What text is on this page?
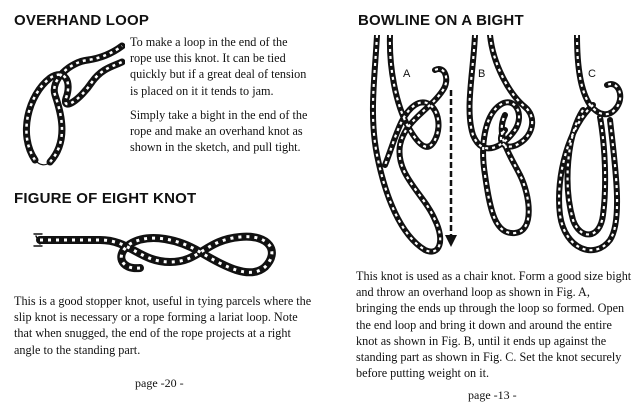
OVERHAND LOOP

To make a loop in the end of the rope use this knot. It can be tied quickly but if a great deal of tension is placed on it it tends to jam.

Simply take a bight in the end of the rope and make an overhand knot as shown in the sketch, and pull tight.

FIGURE OF EIGHT KNOT

This is a good stopper knot, useful in tying parcels where the slip knot is necessary or a rope forming a lariat loop. Note that when snugged, the end of the rope projects at a right angle to the standing part.

page -20 -
BOWLINE ON A BIGHT
A	B	C

This knot is used as a chair knot. Form a good size bight and throw an overhand loop as shown in Fig. A, bringing the ends up through the loop so formed. Open the end loop and bring it down and around the entire knot as shown in Fig. B, until it ends up against the standing part as shown in Fig. C. Set the knot securely before putting weight on it.

page -13 -
